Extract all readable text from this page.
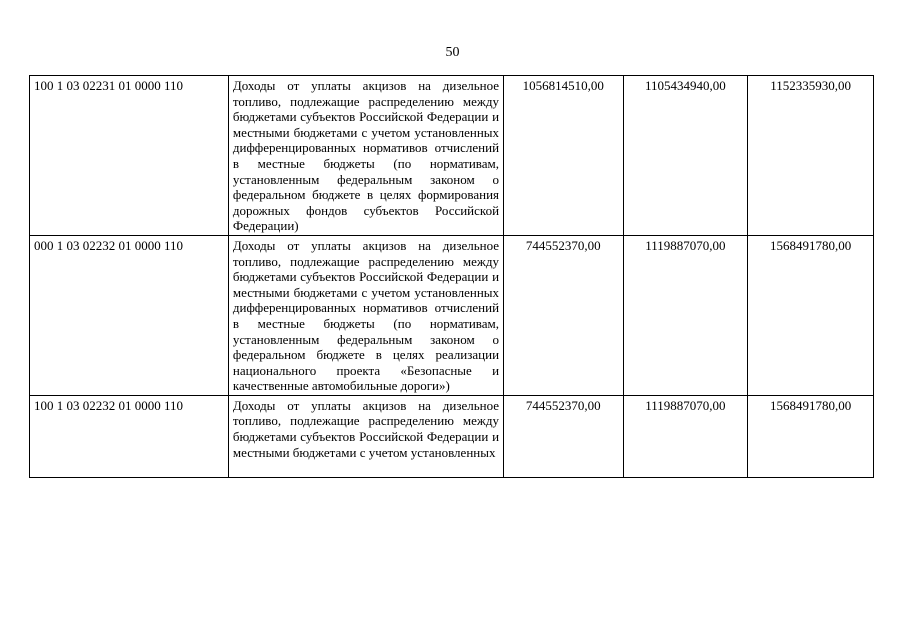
50
100 1 03 02231 01 0000 110	Доходы от уплаты акцизов на дизельное топливо, подлежащие распределению между бюджетами субъектов Российской Федерации и местными бюджетами с учетом установленных дифференцированных нормативов отчислений в местные бюджеты (по нормативам, установленным федеральным законом о федеральном бюджете в целях формирования дорожных фондов субъектов Российской Федерации)	1056814510,00	1105434940,00	1152335930,00
000 1 03 02232 01 0000 110	Доходы от уплаты акцизов на дизельное топливо, подлежащие распределению между бюджетами субъектов Российской Федерации и местными бюджетами с учетом установленных дифференцированных нормативов отчислений в местные бюджеты (по нормативам, установленным федеральным законом о федеральном бюджете в целях реализации национального проекта «Безопасные и качественные автомобильные дороги»)	744552370,00	1119887070,00	1568491780,00
100 1 03 02232 01 0000 110	Доходы от уплаты акцизов на дизельное топливо, подлежащие распределению между бюджетами субъектов Российской Федерации и местными бюджетами с учетом установленных	744552370,00	1119887070,00	1568491780,00
